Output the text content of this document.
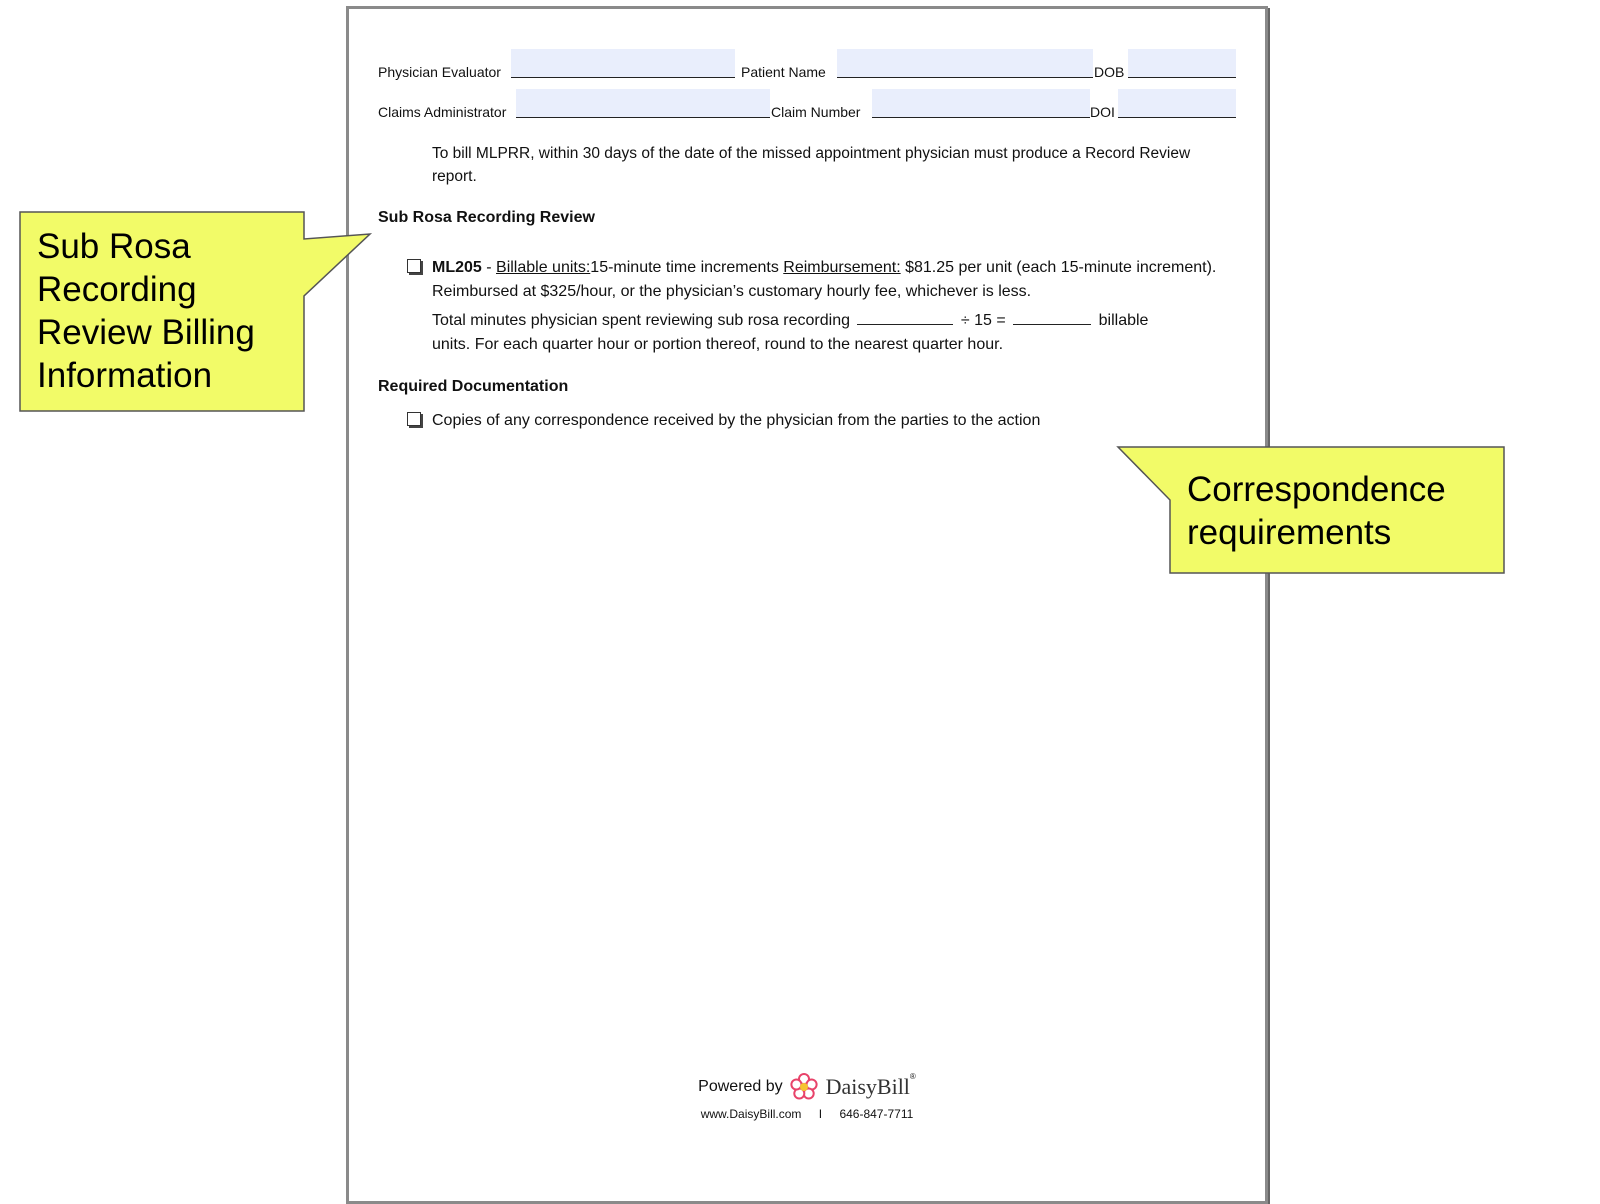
Physician Evaluator	Patient Name	DOB
Claims Administrator	Claim Number	DOI
To bill MLPRR, within 30 days of the date of the missed appointment physician must produce a Record Review report.
Sub Rosa Recording Review
ML205 - Billable units:15-minute time increments Reimbursement: $81.25 per unit (each 15-minute increment). Reimbursed at $325/hour, or the physician’s customary hourly fee, whichever is less.
Total minutes physician spent reviewing sub rosa recording	÷ 15 =	billable
units. For each quarter hour or portion thereof, round to the nearest quarter hour.
Required Documentation
Copies of any correspondence received by the physician from the parties to the action
Powered by DaisyBill®
www.DaisyBill.com I 646-847-7711
Sub Rosa
Recording
Review Billing
Information
Correspondence
requirements
